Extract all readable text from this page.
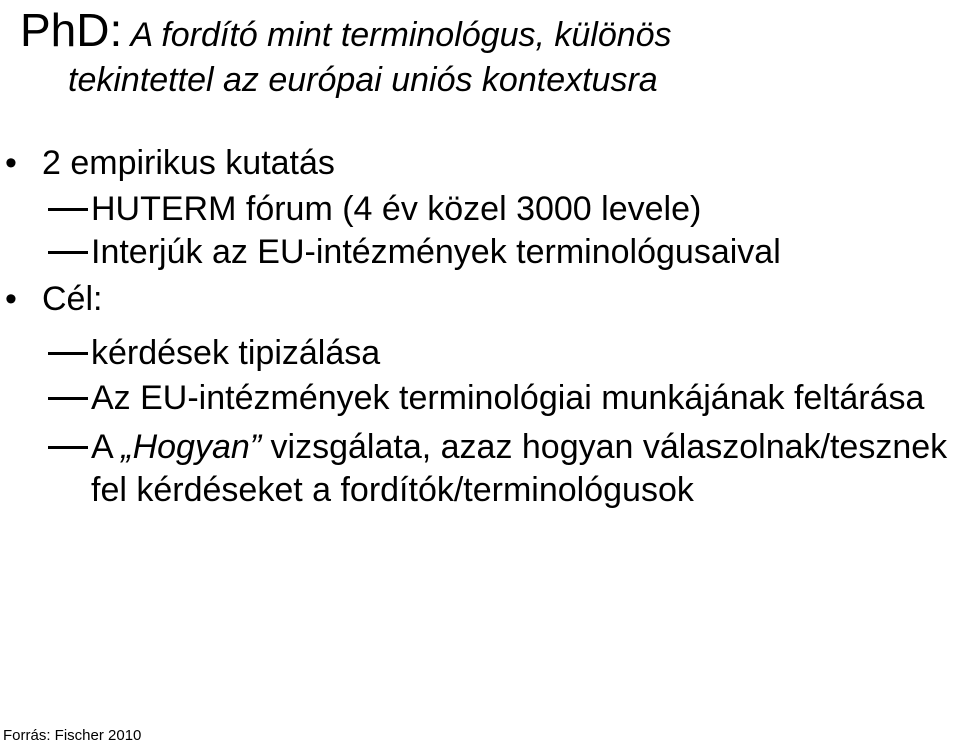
PhD: A fordító mint terminológus, különös
tekintettel az európai uniós kontextusra

• 2 empirikus kutatás

HUTERM fórum (4 év közel 3000 levele)

Interjúk az EU-intézmények terminológusaival

• Cél:

kérdések tipizálása

Az EU-intézmények terminológiai munkájának feltárása

A „Hogyan” vizsgálata, azaz hogyan válaszolnak/tesznek fel kérdéseket a fordítók/terminológusok

Forrás: Fischer 2010
